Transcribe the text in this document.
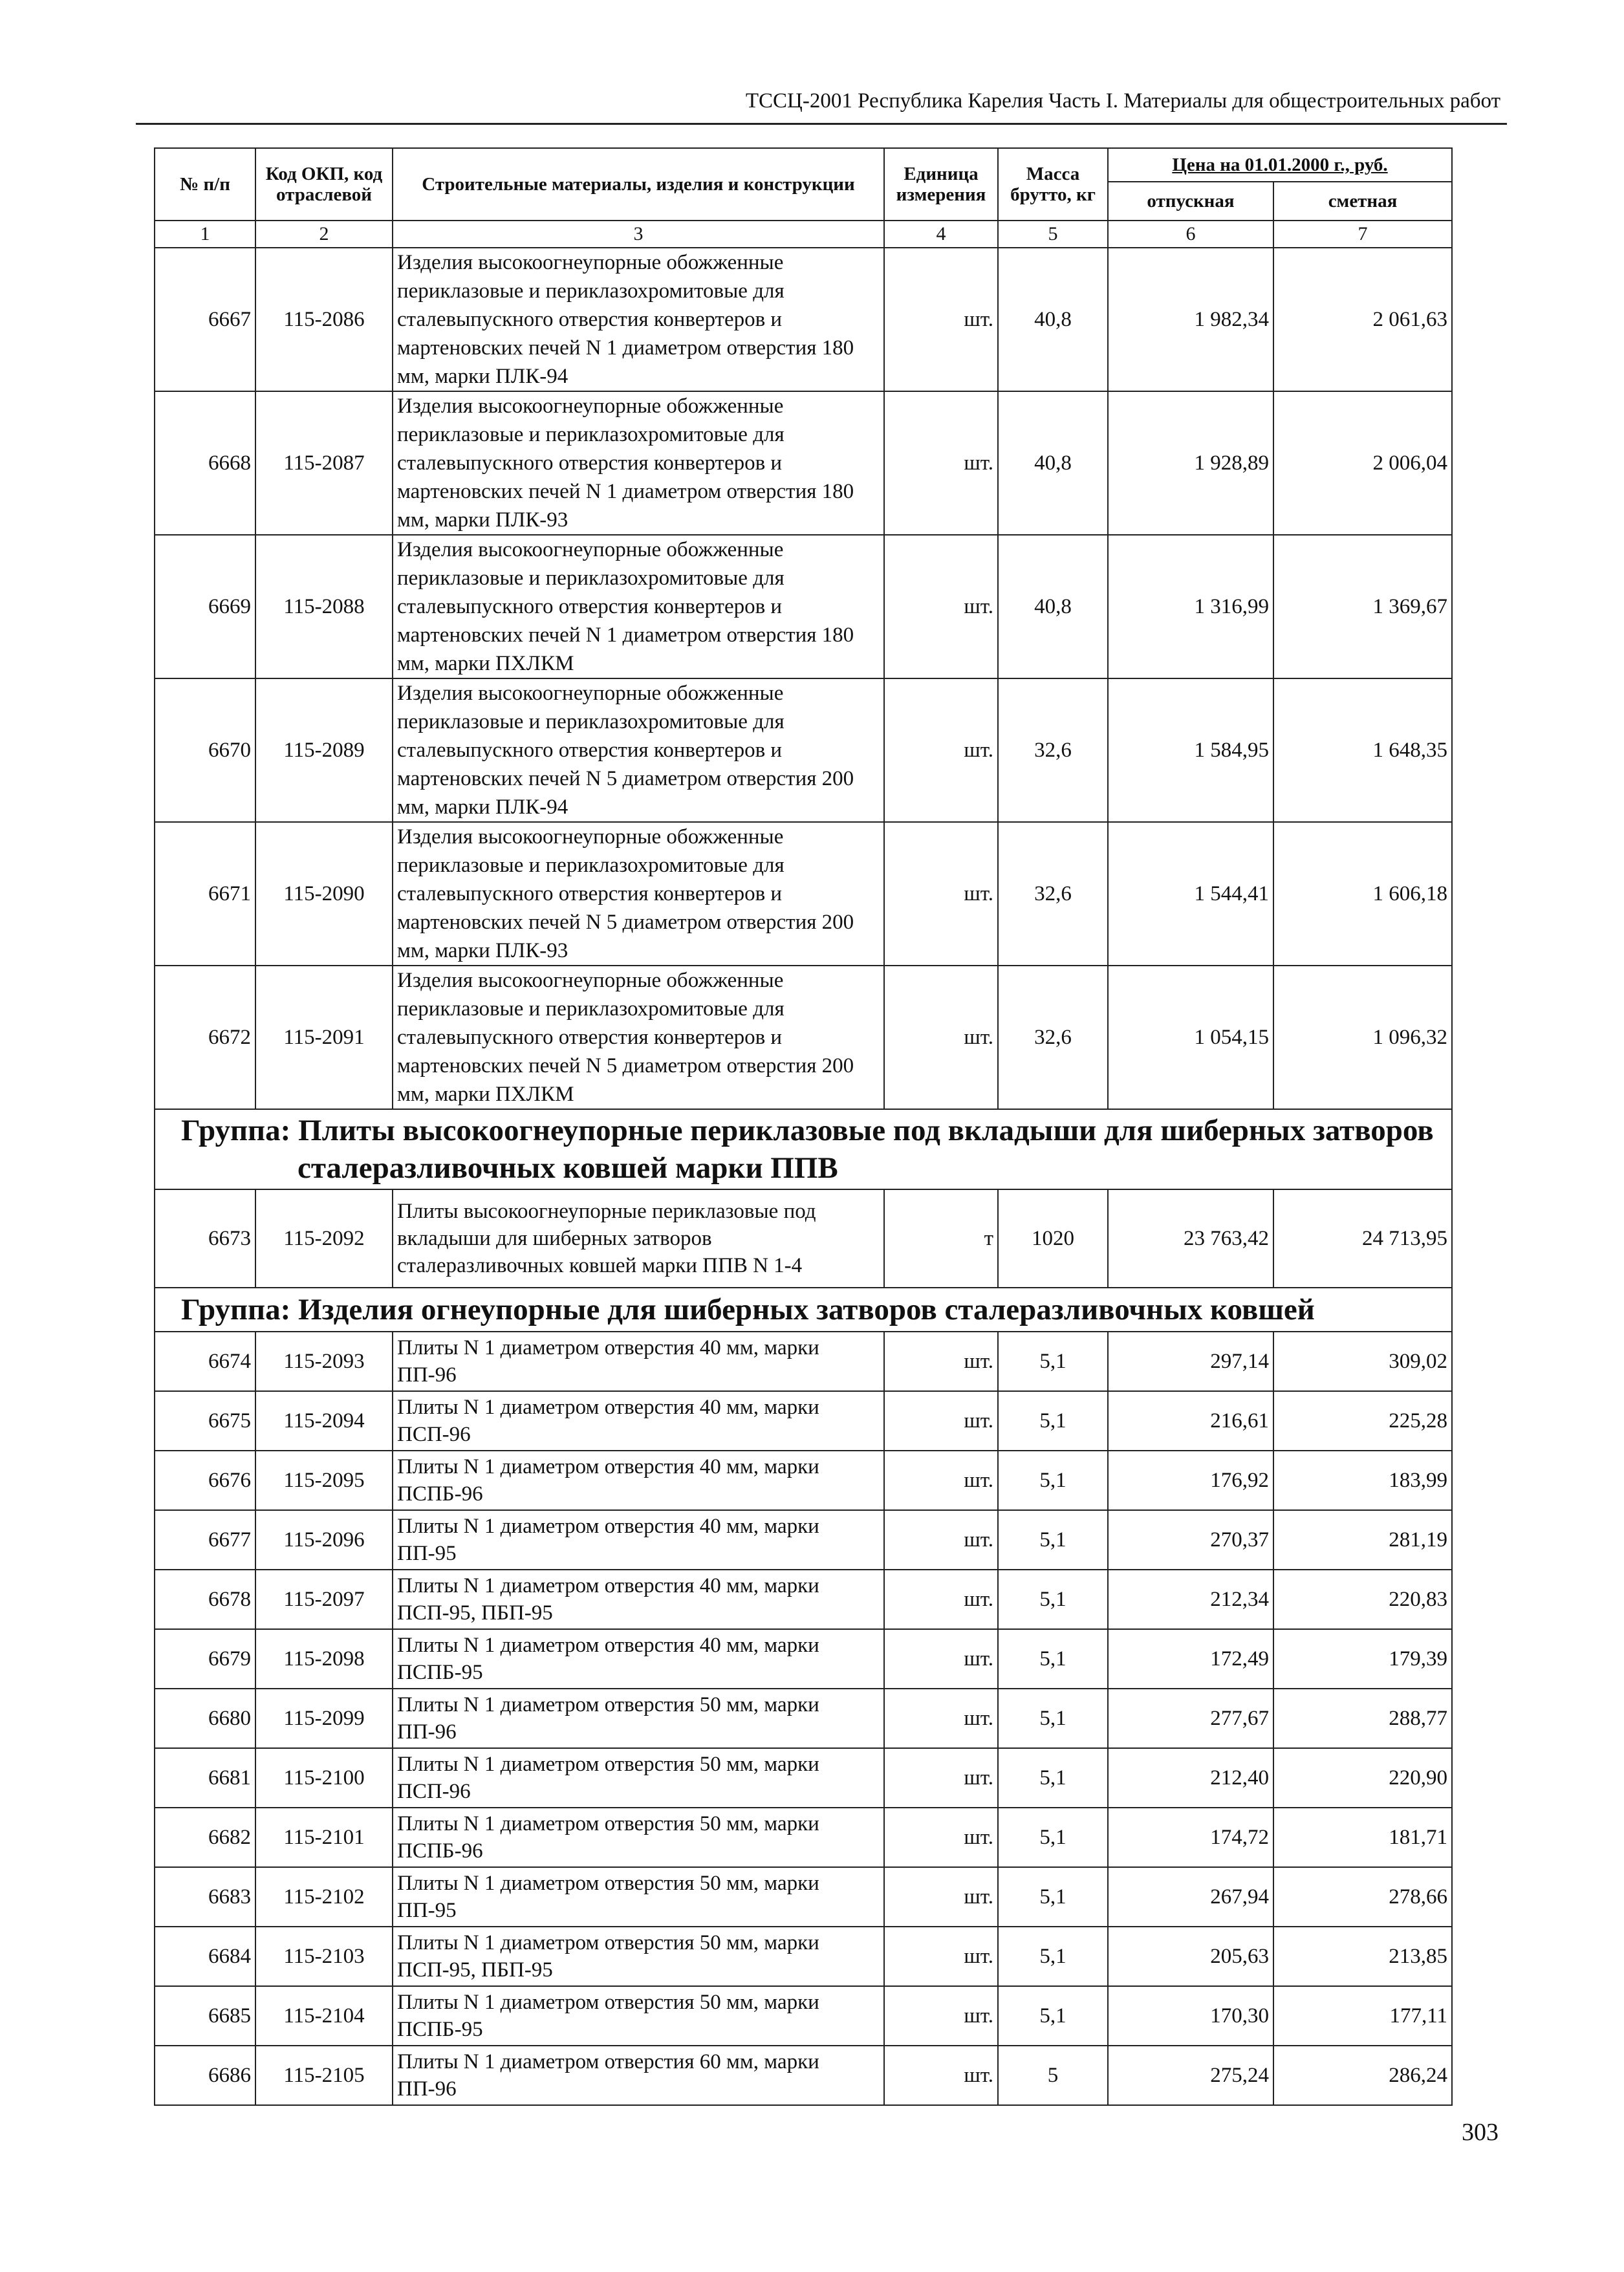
ТССЦ-2001 Республика Карелия Часть I. Материалы для общестроительных работ
№ п/п	Код ОКП, код отраслевой	Строительные материалы, изделия и конструкции	Единица измерения	Масса брутто, кг	Цена на 01.01.2000 г., руб.	
					отпускная	сметная
1	2	3	4	5	6	7
6667	115-2086	Изделия высокоогнеупорные обожженные периклазовые и периклазохромитовые для сталевыпускного отверстия конвертеров и мартеновских печей N 1 диаметром отверстия 180 мм, марки ПЛК-94	шт.	40,8	1 982,34	2 061,63
6668	115-2087	Изделия высокоогнеупорные обожженные периклазовые и периклазохромитовые для сталевыпускного отверстия конвертеров и мартеновских печей N 1 диаметром отверстия 180 мм, марки ПЛК-93	шт.	40,8	1 928,89	2 006,04
6669	115-2088	Изделия высокоогнеупорные обожженные периклазовые и периклазохромитовые для сталевыпускного отверстия конвертеров и мартеновских печей N 1 диаметром отверстия 180 мм, марки ПХЛКМ	шт.	40,8	1 316,99	1 369,67
6670	115-2089	Изделия высокоогнеупорные обожженные периклазовые и периклазохромитовые для сталевыпускного отверстия конвертеров и мартеновских печей N 5 диаметром отверстия 200 мм, марки ПЛК-94	шт.	32,6	1 584,95	1 648,35
6671	115-2090	Изделия высокоогнеупорные обожженные периклазовые и периклазохромитовые для сталевыпускного отверстия конвертеров и мартеновских печей N 5 диаметром отверстия 200 мм, марки ПЛК-93	шт.	32,6	1 544,41	1 606,18
6672	115-2091	Изделия высокоогнеупорные обожженные периклазовые и периклазохромитовые для сталевыпускного отверстия конвертеров и мартеновских печей N 5 диаметром отверстия 200 мм, марки ПХЛКМ	шт.	32,6	1 054,15	1 096,32

Группа: Плиты высокоогнеупорные периклазовые под вкладыши для шиберных затворов
сталеразливочных ковшей марки ППВ						

6673	115-2092	Плиты высокоогнеупорные периклазовые под вкладыши для шиберных затворов сталеразливочных ковшей марки ППВ N 1-4	т	1020	23 763,42	24 713,95
Группа: Изделия огнеупорные для шиберных затворов сталеразливочных ковшей						
6674	115-2093	Плиты N 1 диаметром отверстия 40 мм, марки ПП-96	шт.	5,1	297,14	309,02
6675	115-2094	Плиты N 1 диаметром отверстия 40 мм, марки ПСП-96	шт.	5,1	216,61	225,28
6676	115-2095	Плиты N 1 диаметром отверстия 40 мм, марки ПСПБ-96	шт.	5,1	176,92	183,99
6677	115-2096	Плиты N 1 диаметром отверстия 40 мм, марки ПП-95	шт.	5,1	270,37	281,19
6678	115-2097	Плиты N 1 диаметром отверстия 40 мм, марки ПСП-95, ПБП-95	шт.	5,1	212,34	220,83
6679	115-2098	Плиты N 1 диаметром отверстия 40 мм, марки ПСПБ-95	шт.	5,1	172,49	179,39
6680	115-2099	Плиты N 1 диаметром отверстия 50 мм, марки ПП-96	шт.	5,1	277,67	288,77
6681	115-2100	Плиты N 1 диаметром отверстия 50 мм, марки ПСП-96	шт.	5,1	212,40	220,90
6682	115-2101	Плиты N 1 диаметром отверстия 50 мм, марки ПСПБ-96	шт.	5,1	174,72	181,71
6683	115-2102	Плиты N 1 диаметром отверстия 50 мм, марки ПП-95	шт.	5,1	267,94	278,66
6684	115-2103	Плиты N 1 диаметром отверстия 50 мм, марки ПСП-95, ПБП-95	шт.	5,1	205,63	213,85
6685	115-2104	Плиты N 1 диаметром отверстия 50 мм, марки ПСПБ-95	шт.	5,1	170,30	177,11
6686	115-2105	Плиты N 1 диаметром отверстия 60 мм, марки ПП-96	шт.	5	275,24	286,24
303
